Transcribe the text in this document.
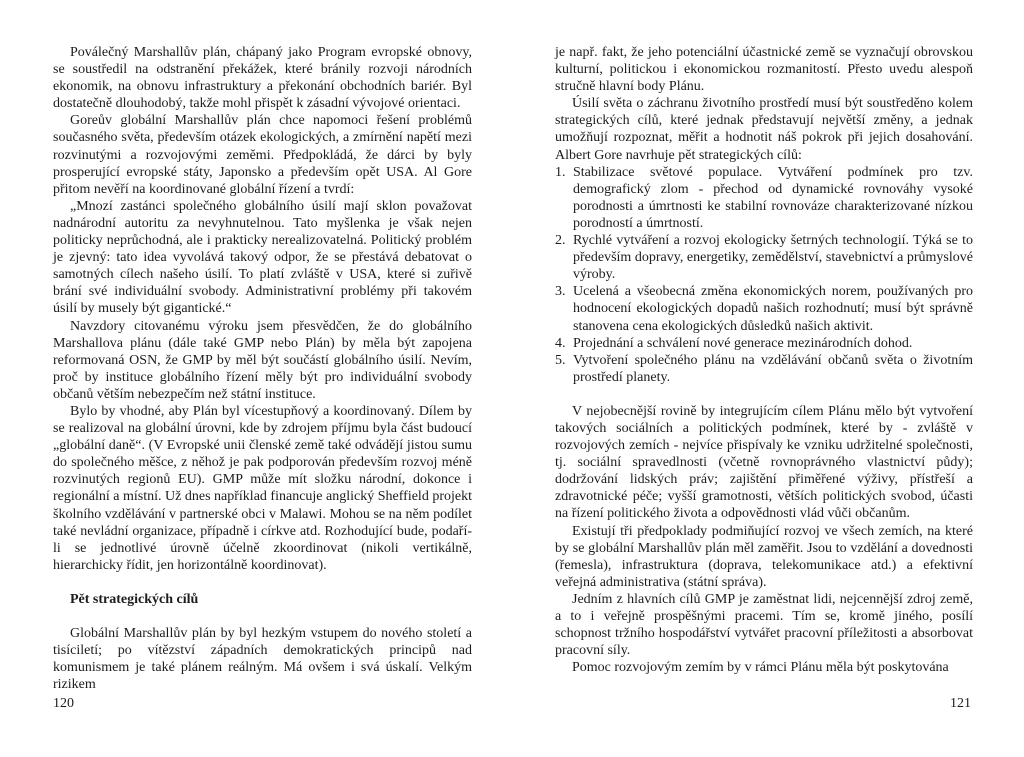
Poválečný Marshallův plán, chápaný jako Program evropské obnovy, se soustředil na odstranění překážek, které bránily rozvoji národních ekonomik, na obnovu infrastruktury a překonání obchodních bariér. Byl dostatečně dlouhodobý, takže mohl přispět k zásadní vývojové orientaci.

Goreův globální Marshallův plán chce napomoci řešení problémů současného světa, především otázek ekologických, a zmírnění napětí mezi rozvinutými a rozvojovými zeměmi. Předpokládá, že dárci by byly prosperující evropské státy, Japonsko a především opět USA. Al Gore přitom nevěří na koordinované globální řízení a tvrdí:

„Mnozí zastánci společného globálního úsilí mají sklon považovat nadnárodní autoritu za nevyhnutelnou. Tato myšlenka je však nejen politicky neprůchodná, ale i prakticky nerealizovatelná. Politický problém je zjevný: tato idea vyvolává takový odpor, že se přestává debatovat o samotných cílech našeho úsilí. To platí zvláště v USA, které si zuřivě brání své individuální svobody. Administrativní problémy při takovém úsilí by musely být gigantické.“

Navzdory citovanému výroku jsem přesvědčen, že do globálního Marshallova plánu (dále také GMP nebo Plán) by měla být zapojena reformovaná OSN, že GMP by měl být součástí globálního úsilí. Nevím, proč by instituce globálního řízení měly být pro individuální svobody občanů větším nebezpečím než státní instituce.

Bylo by vhodné, aby Plán byl vícestupňový a koordinovaný. Dílem by se realizoval na globální úrovni, kde by zdrojem příjmu byla část budoucí „globální daně“. (V Evropské unii členské země také odvádějí jistou sumu do společného měšce, z něhož je pak podporován především rozvoj méně rozvinutých regionů EU). GMP může mít složku národní, dokonce i regionální a místní. Už dnes například financuje anglický Sheffield projekt školního vzdělávání v partnerské obci v Malawi. Mohou se na něm podílet také nevládní organizace, případně i církve atd. Rozhodující bude, podaří-li se jednotlivé úrovně účelně zkoordinovat (nikoli vertikálně, hierarchicky řídit, jen horizontálně koordinovat).

Pět strategických cílů

Globální Marshallův plán by byl hezkým vstupem do nového století a tisíciletí; po vítězství západních demokratických principů nad komunismem je také plánem reálným. Má ovšem i svá úskalí. Velkým rizikem

120

je např. fakt, že jeho potenciální účastnické země se vyznačují obrovskou kulturní, politickou i ekonomickou rozmanitostí. Přesto uvedu alespoň stručně hlavní body Plánu.

Úsilí světa o záchranu životního prostředí musí být soustředěno kolem strategických cílů, které jednak představují největší změny, a jednak umožňují rozpoznat, měřit a hodnotit náš pokrok při jejich dosahování. Albert Gore navrhuje pět strategických cílů:

1. Stabilizace světové populace. Vytváření podmínek pro tzv. demografický zlom - přechod od dynamické rovnováhy vysoké porodnosti a úmrtnosti ke stabilní rovnováze charakterizované nízkou porodností a úmrtností.
2. Rychlé vytváření a rozvoj ekologicky šetrných technologií. Týká se to především dopravy, energetiky, zemědělství, stavebnictví a průmyslové výroby.
3. Ucelená a všeobecná změna ekonomických norem, používaných pro hodnocení ekologických dopadů našich rozhodnutí; musí být správně stanovena cena ekologických důsledků našich aktivit.
4. Projednání a schválení nové generace mezinárodních dohod.
5. Vytvoření společného plánu na vzdělávání občanů světa o životním prostředí planety.

V nejobecnější rovině by integrujícím cílem Plánu mělo být vytvoření takových sociálních a politických podmínek, které by - zvláště v rozvojových zemích - nejvíce přispívaly ke vzniku udržitelné společnosti, tj. sociální spravedlnosti (včetně rovnoprávného vlastnictví půdy); dodržování lidských práv; zajištění přiměřené výživy, přístřeší a zdravotnické péče; vyšší gramotnosti, větších politických svobod, účasti na řízení politického života a odpovědnosti vlád vůči občanům.

Existují tři předpoklady podmiňující rozvoj ve všech zemích, na které by se globální Marshallův plán měl zaměřit. Jsou to vzdělání a dovednosti (řemesla), infrastruktura (doprava, telekomunikace atd.) a efektivní veřejná administrativa (státní správa).

Jedním z hlavních cílů GMP je zaměstnat lidi, nejcennější zdroj země, a to i veřejně prospěšnými pracemi. Tím se, kromě jiného, posílí schopnost tržního hospodářství vytvářet pracovní příležitosti a absorbovat pracovní síly.

Pomoc rozvojovým zemím by v rámci Plánu měla být poskytována

121
